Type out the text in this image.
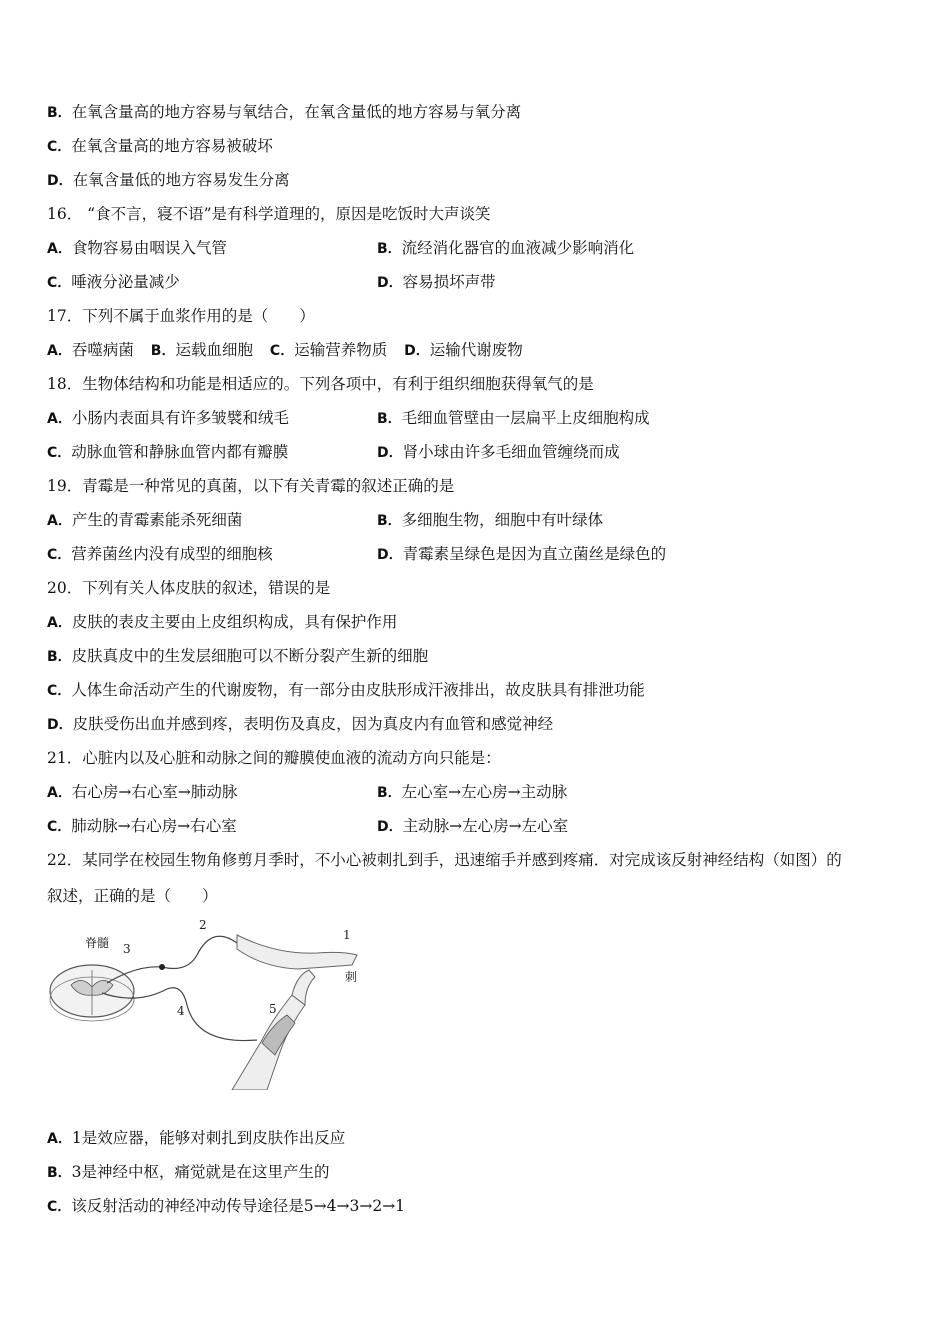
B．在氧含量高的地方容易与氧结合，在氧含量低的地方容易与氧分离
C．在氧含量高的地方容易被破坏
D．在氧含量低的地方容易发生分离
16． “食不言，寝不语”是有科学道理的，原因是吃饭时大声谈笑
A．食物容易由咽误入气管	B．流经消化器官的血液减少影响消化
C．唾液分泌量减少	D．容易损坏声带
17．下列不属于血浆作用的是（　　）
A．吞噬病菌 B．运载血细胞 C．运输营养物质 D．运输代谢废物
18．生物体结构和功能是相适应的。下列各项中，有利于组织细胞获得氧气的是
A．小肠内表面具有许多皱襞和绒毛	B．毛细血管壁由一层扁平上皮细胞构成
C．动脉血管和静脉血管内都有瓣膜	D．肾小球由许多毛细血管缠绕而成
19．青霉是一种常见的真菌，以下有关青霉的叙述正确的是
A．产生的青霉素能杀死细菌	B．多细胞生物，细胞中有叶绿体
C．营养菌丝内没有成型的细胞核	D．青霉素呈绿色是因为直立菌丝是绿色的
20．下列有关人体皮肤的叙述，错误的是
A．皮肤的表皮主要由上皮组织构成，具有保护作用
B．皮肤真皮中的生发层细胞可以不断分裂产生新的细胞
C．人体生命活动产生的代谢废物，有一部分由皮肤形成汗液排出，故皮肤具有排泄功能
D．皮肤受伤出血并感到疼，表明伤及真皮，因为真皮内有血管和感觉神经
21．心脏内以及心脏和动脉之间的瓣膜使血液的流动方向只能是：
A．右心房→右心室→肺动脉	B．左心室→左心房→主动脉
C．肺动脉→右心房→右心室	D．主动脉→左心房→左心室
22．某同学在校园生物角修剪月季时，不小心被刺扎到手，迅速缩手并感到疼痛．对完成该反射神经结构（如图）的
叙述，正确的是（　　）
脊髓 3
2
1
刺
4	5
A．1是效应器，能够对刺扎到皮肤作出反应
B．3是神经中枢，痛觉就是在这里产生的
C．该反射活动的神经冲动传导途径是5→4→3→2→1
